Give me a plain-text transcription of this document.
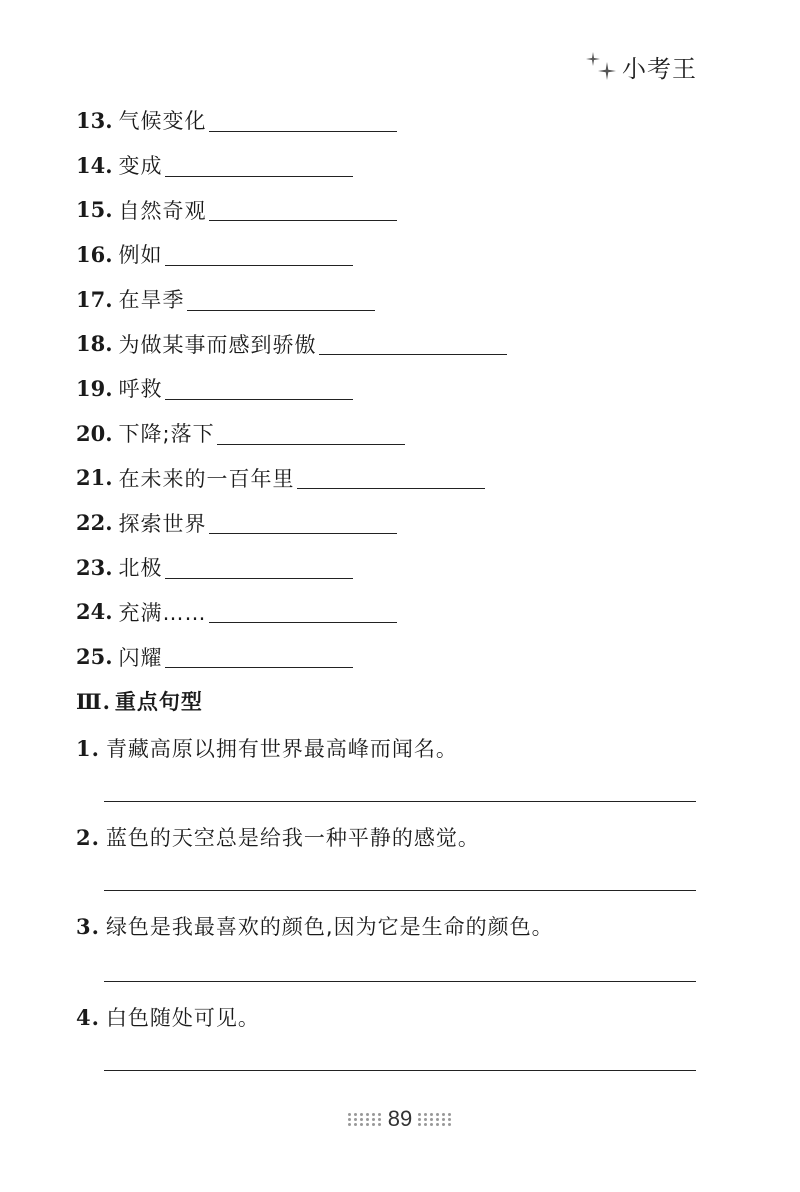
小考王
13 . 气候变化
14 . 变成
15 . 自然奇观
16 . 例如
17 . 在旱季
18 . 为做某事而感到骄傲
19 . 呼救
20 . 下降;落下
21 . 在未来的一百年里
22 . 探索世界
23 . 北极
24 . 充满……
25 . 闪耀
Ⅲ. 重点句型
1. 青藏高原以拥有世界最高峰而闻名。
2. 蓝色的天空总是给我一种平静的感觉。
3. 绿色是我最喜欢的颜色,因为它是生命的颜色。
4. 白色随处可见。
89
